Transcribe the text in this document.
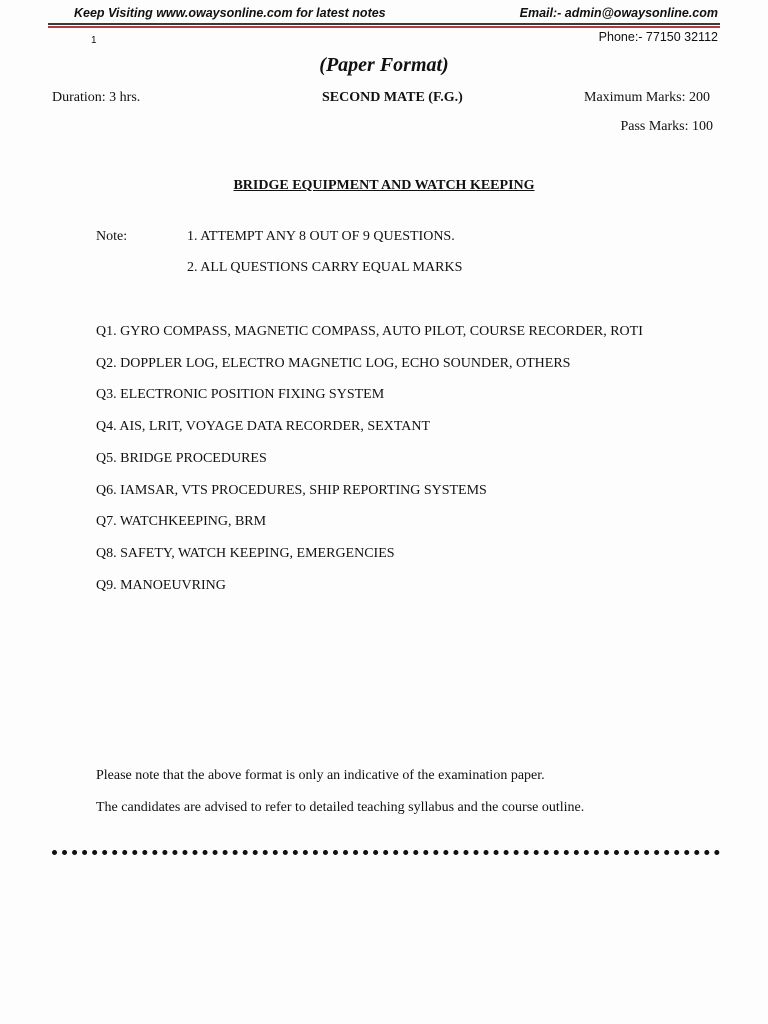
Keep Visiting www.owaysonline.com for latest notes	Email:- admin@owaysonline.com
1	Phone:- 77150 32112
(Paper Format)
Duration: 3 hrs.	SECOND MATE (F.G.)	Maximum Marks: 200
Pass Marks: 100
BRIDGE EQUIPMENT AND WATCH KEEPING
Note:	1. ATTEMPT ANY 8 OUT OF 9 QUESTIONS.
2. ALL QUESTIONS CARRY EQUAL MARKS
Q1. GYRO COMPASS, MAGNETIC COMPASS, AUTO PILOT, COURSE RECORDER, ROTI
Q2. DOPPLER LOG, ELECTRO MAGNETIC LOG, ECHO SOUNDER, OTHERS
Q3. ELECTRONIC POSITION FIXING SYSTEM
Q4. AIS, LRIT, VOYAGE DATA RECORDER, SEXTANT
Q5. BRIDGE PROCEDURES
Q6. IAMSAR, VTS PROCEDURES, SHIP REPORTING SYSTEMS
Q7. WATCHKEEPING, BRM
Q8. SAFETY, WATCH KEEPING, EMERGENCIES
Q9. MANOEUVRING
Please note that the above format is only an indicative of the examination paper.
The candidates are advised to refer to detailed teaching syllabus and the course outline.
